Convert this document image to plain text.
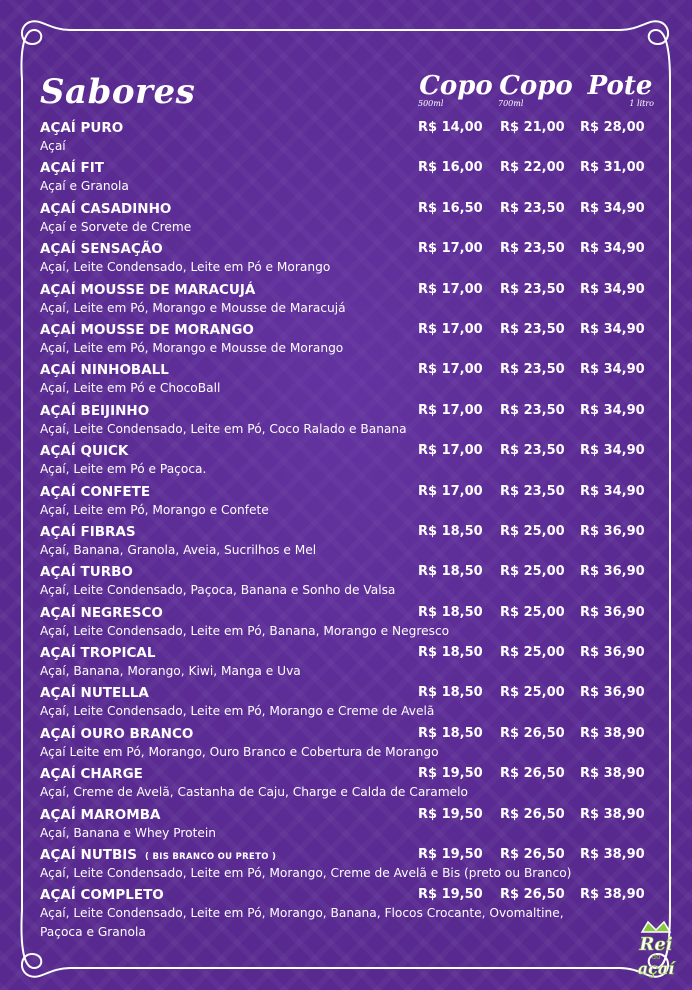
Sabores	Copo
500ml
Copo
700ml
Pote
1 litro
AÇAÍ PURO
Açaí
R$ 14,00 R$ 21,00 R$ 28,00
AÇAÍ FIT
Açaí e Granola
R$ 16,00 R$ 22,00 R$ 31,00
AÇAÍ CASADINHO
Açaí e Sorvete de Creme
R$ 16,50 R$ 23,50 R$ 34,90
AÇAÍ SENSAÇÃO
Açaí, Leite Condensado, Leite em Pó e Morango
R$ 17,00 R$ 23,50 R$ 34,90
AÇAÍ MOUSSE DE MARACUJÁ
Açaí, Leite em Pó, Morango e Mousse de Maracujá
R$ 17,00 R$ 23,50 R$ 34,90
AÇAÍ MOUSSE DE MORANGO
Açaí, Leite em Pó, Morango e Mousse de Morango
R$ 17,00 R$ 23,50 R$ 34,90
AÇAÍ NINHOBALL
Açaí, Leite em Pó e ChocoBall
R$ 17,00 R$ 23,50 R$ 34,90
AÇAÍ BEIJINHO
Açaí, Leite Condensado, Leite em Pó, Coco Ralado e Banana
R$ 17,00 R$ 23,50 R$ 34,90
AÇAÍ QUICK
Açaí, Leite em Pó e Paçoca.
R$ 17,00 R$ 23,50 R$ 34,90
AÇAÍ CONFETE
Açaí, Leite em Pó, Morango e Confete
R$ 17,00 R$ 23,50 R$ 34,90
AÇAÍ FIBRAS
Açaí, Banana, Granola, Aveia, Sucrilhos e Mel
R$ 18,50 R$ 25,00 R$ 36,90
AÇAÍ TURBO
Açaí, Leite Condensado, Paçoca, Banana e Sonho de Valsa
R$ 18,50 R$ 25,00 R$ 36,90
AÇAÍ NEGRESCO
Açaí, Leite Condensado, Leite em Pó, Banana, Morango e Negresco
R$ 18,50 R$ 25,00 R$ 36,90
AÇAÍ TROPICAL
Açaí, Banana, Morango, Kiwi, Manga e Uva
R$ 18,50 R$ 25,00 R$ 36,90
AÇAÍ NUTELLA
Açaí, Leite Condensado, Leite em Pó, Morango e Creme de Avelã
R$ 18,50 R$ 25,00 R$ 36,90
AÇAÍ OURO BRANCO
Açaí Leite em Pó, Morango, Ouro Branco e Cobertura de Morango
R$ 18,50 R$ 26,50 R$ 38,90
AÇAÍ CHARGE
Açaí, Creme de Avelã, Castanha de Caju, Charge e Calda de Caramelo
R$ 19,50 R$ 26,50 R$ 38,90
AÇAÍ MAROMBA
Açaí, Banana e Whey Protein
R$ 19,50 R$ 26,50 R$ 38,90
AÇAÍ NUTBIS ( BIS BRANCO OU PRETO )
Açaí, Leite Condensado, Leite em Pó, Morango, Creme de Avelã e Bis (preto ou Branco)
R$ 19,50 R$ 26,50 R$ 38,90
AÇAÍ COMPLETO
Açaí, Leite Condensado, Leite em Pó, Morango, Banana, Flocos Crocante, Ovomaltine,
Paçoca e Granola
R$ 19,50 R$ 26,50 R$ 38,90
Rei
do
açaí
